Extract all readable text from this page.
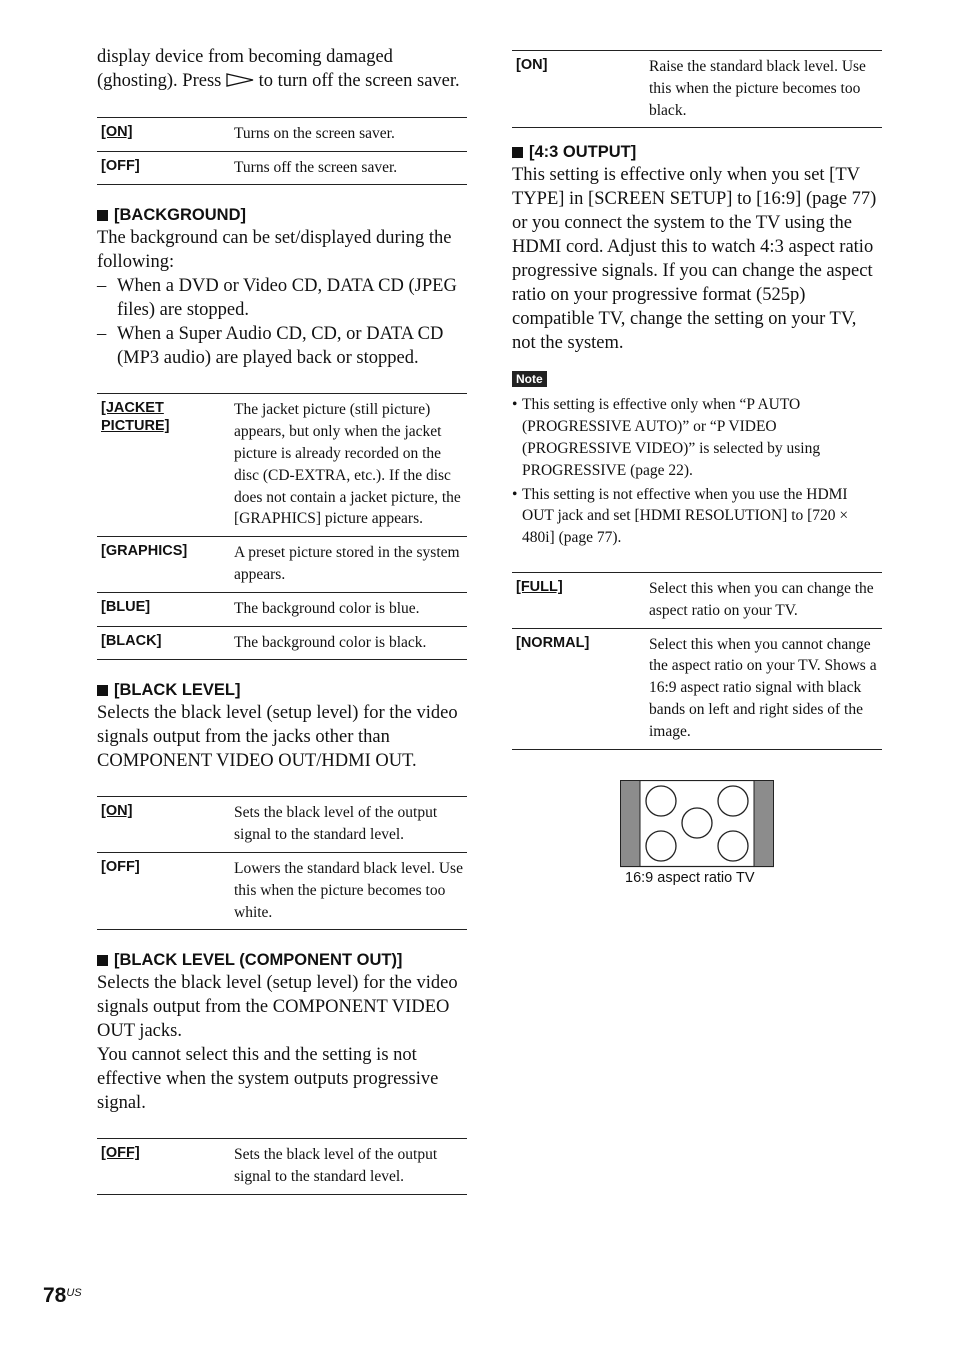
display device from becoming damaged
(ghosting). Press  to turn off the screen saver.

[ON]	Turns on the screen saver.
[OFF]	Turns off the screen saver.
[BACKGROUND]

The background can be set/displayed during the following:

– When a DVD or Video CD, DATA CD (JPEG files) are stopped.
– When a Super Audio CD, CD, or DATA CD (MP3 audio) are played back or stopped.
[JACKET PICTURE]	The jacket picture (still picture) appears, but only when the jacket picture is already recorded on the disc (CD-EXTRA, etc.). If the disc does not contain a jacket picture, the [GRAPHICS] picture appears.
[GRAPHICS]	A preset picture stored in the system appears.
[BLUE]	The background color is blue.
[BLACK]	The background color is black.
[BLACK LEVEL]

Selects the black level (setup level) for the video signals output from the jacks other than COMPONENT VIDEO OUT/HDMI OUT.

[ON]	Sets the black level of the output signal to the standard level.
[OFF]	Lowers the standard black level. Use this when the picture becomes too white.
[BLACK LEVEL (COMPONENT OUT)]

Selects the black level (setup level) for the video signals output from the COMPONENT VIDEO OUT jacks.

You cannot select this and the setting is not effective when the system outputs progressive signal.

[OFF]	Sets the black level of the output signal to the standard level.
[ON]	Raise the standard black level. Use this when the picture becomes too black.
[4:3 OUTPUT]

This setting is effective only when you set [TV TYPE] in [SCREEN SETUP] to [16:9] (page 77) or you connect the system to the TV using the HDMI cord. Adjust this to watch 4:3 aspect ratio progressive signals. If you can change the aspect ratio on your progressive format (525p) compatible TV, change the setting on your TV, not the system.

Note
• This setting is effective only when “P AUTO (PROGRESSIVE AUTO)” or “P VIDEO (PROGRESSIVE VIDEO)” is selected by using PROGRESSIVE (page 22).
• This setting is not effective when you use the HDMI OUT jack and set [HDMI RESOLUTION] to [720 × 480i] (page 77).
[FULL]	Select this when you can change the aspect ratio on your TV.
[NORMAL]	Select this when you cannot change the aspect ratio on your TV. Shows a 16:9 aspect ratio signal with black bands on left and right sides of the image.
16:9 aspect ratio TV
$78^{US}$
